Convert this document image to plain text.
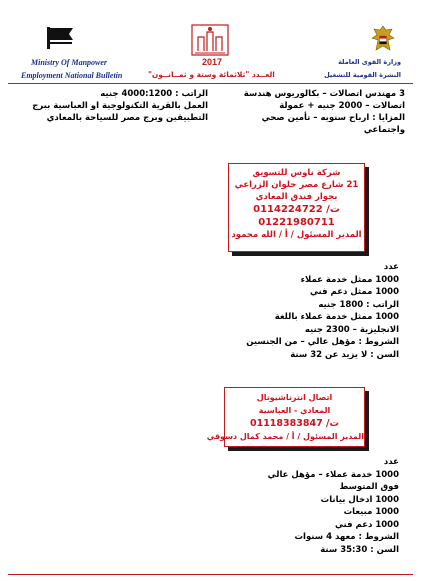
Ministry Of Manpower
Employment National Bulletin
2017
العــدد "ثلاثمائة وستة و ثمــانــون"
وزارة القوى العاملة
النشرة القومية للتشغيل
الراتب : 4000:1200 جنيه
العمل بالقرية التكنولوجية او العباسية ببرج
التطبيقين وبرج مصر للسياحة بالمعادي
3 مهندس اتصالات – بكالوريوس هندسة
اتصالات – 2000 جنيه + عمولة
المزايا : ارباح سنويه – تأمين صحي
واجتماعي
شركة ناوس للتسويق
21 شارع مصر حلوان الزراعي
بجوار فندق المعادي
ت/ 0114224722
01221980711
المدير المسئول / أ / الله محمود
عدد
1000 ممثل خدمة عملاء
1000 ممثل دعم فني
الراتب : 1800 جنيه
1000 ممثل خدمة عملاء باللغة
الانجليزية – 2300 جنيه
الشروط : مؤهل عالي – من الجنسين
السن : لا يزيد عن 32 سنة
اتصال انترناشيونال
المعادي - العباسية
ت/ 01118383847
المدير المسئول / أ / محمد كمال دسوقي
عدد
1000 خدمة عملاء – مؤهل عالي
فوق المتوسط
1000 ادخال بيانات
1000 مبيعات
1000 دعم فني
الشروط : معهد 4 سنوات
السن : 35:30 سنة
